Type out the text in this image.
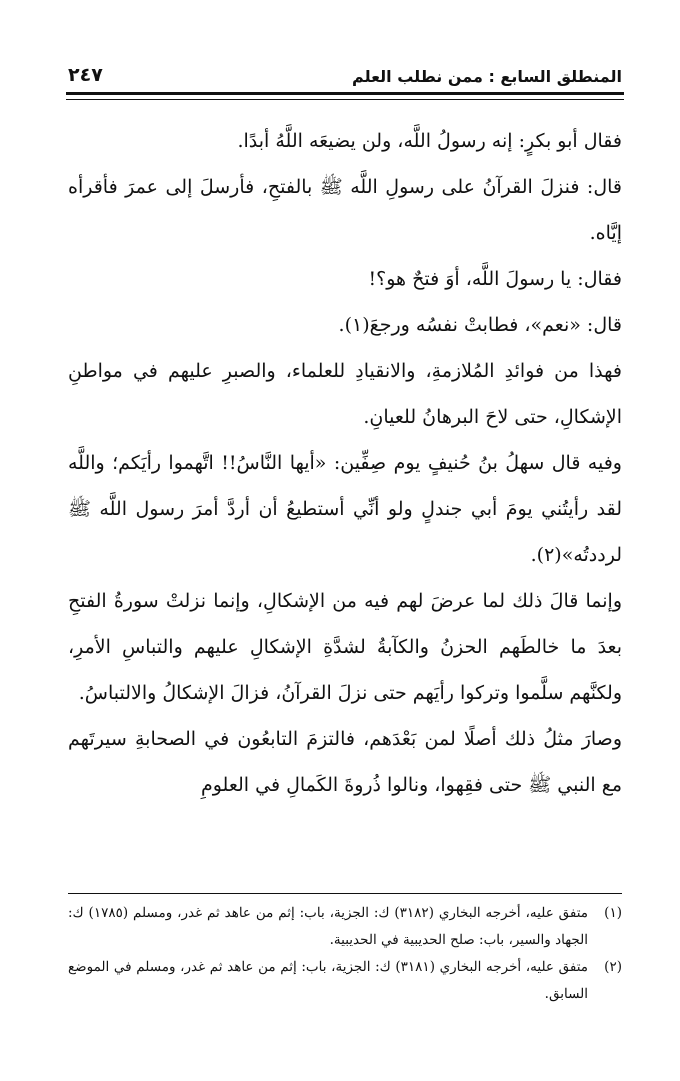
المنطلق السابع : ممن نطلب العلم
٢٤٧

فقال أبو بكرٍ: إنه رسولُ اللَّه، ولن يضيعَه اللَّهُ أبدًا.

قال: فنزلَ القرآنُ على رسولِ اللَّه ﷺ بالفتحِ، فأرسلَ إلى عمرَ فأقرأه إيَّاه.

فقال: يا رسولَ اللَّه، أوَ فتحٌ هو؟!

قال: «نعم»، فطابتْ نفسُه ورجعَ(١).

فهذا من فوائدِ المُلازمةِ، والانقيادِ للعلماء، والصبرِ عليهم في مواطنِ الإشكالِ، حتى لاحَ البرهانُ للعيانِ.

وفيه قال سهلُ بنُ حُنيفٍ يوم صِفِّين: «أيها النَّاسُ!! اتَّهموا رأيَكم؛ واللَّه لقد رأيتُني يومَ أبي جندلٍ ولو أنِّي أستطيعُ أن أردَّ أمرَ رسول اللَّه ﷺ لرددتُه»(٢).

وإنما قالَ ذلك لما عرضَ لهم فيه من الإشكالِ، وإنما نزلتْ سورةُ الفتحِ بعدَ ما خالطَهم الحزنُ والكآبةُ لشدَّةِ الإشكالِ عليهم والتباسِ الأمرِ، ولكنَّهم سلَّموا وتركوا رأيَهم حتى نزلَ القرآنُ، فزالَ الإشكالُ والالتباسُ.

وصارَ مثلُ ذلك أصلًا لمن بَعْدَهم، فالتزمَ التابعُون في الصحابةِ سيرتَهم مع النبي ﷺ حتى فقِهوا، ونالوا ذُروةَ الكَمالِ في العلومِ

(١)
متفق عليه، أخرجه البخاري (٣١٨٢) ك: الجزية، باب: إثم من عاهد ثم غدر، ومسلم (١٧٨٥) ك: الجهاد والسير، باب: صلح الحديبية في الحديبية.
(٢)
متفق عليه، أخرجه البخاري (٣١٨١) ك: الجزية، باب: إثم من عاهد ثم غدر، ومسلم في الموضع السابق.
